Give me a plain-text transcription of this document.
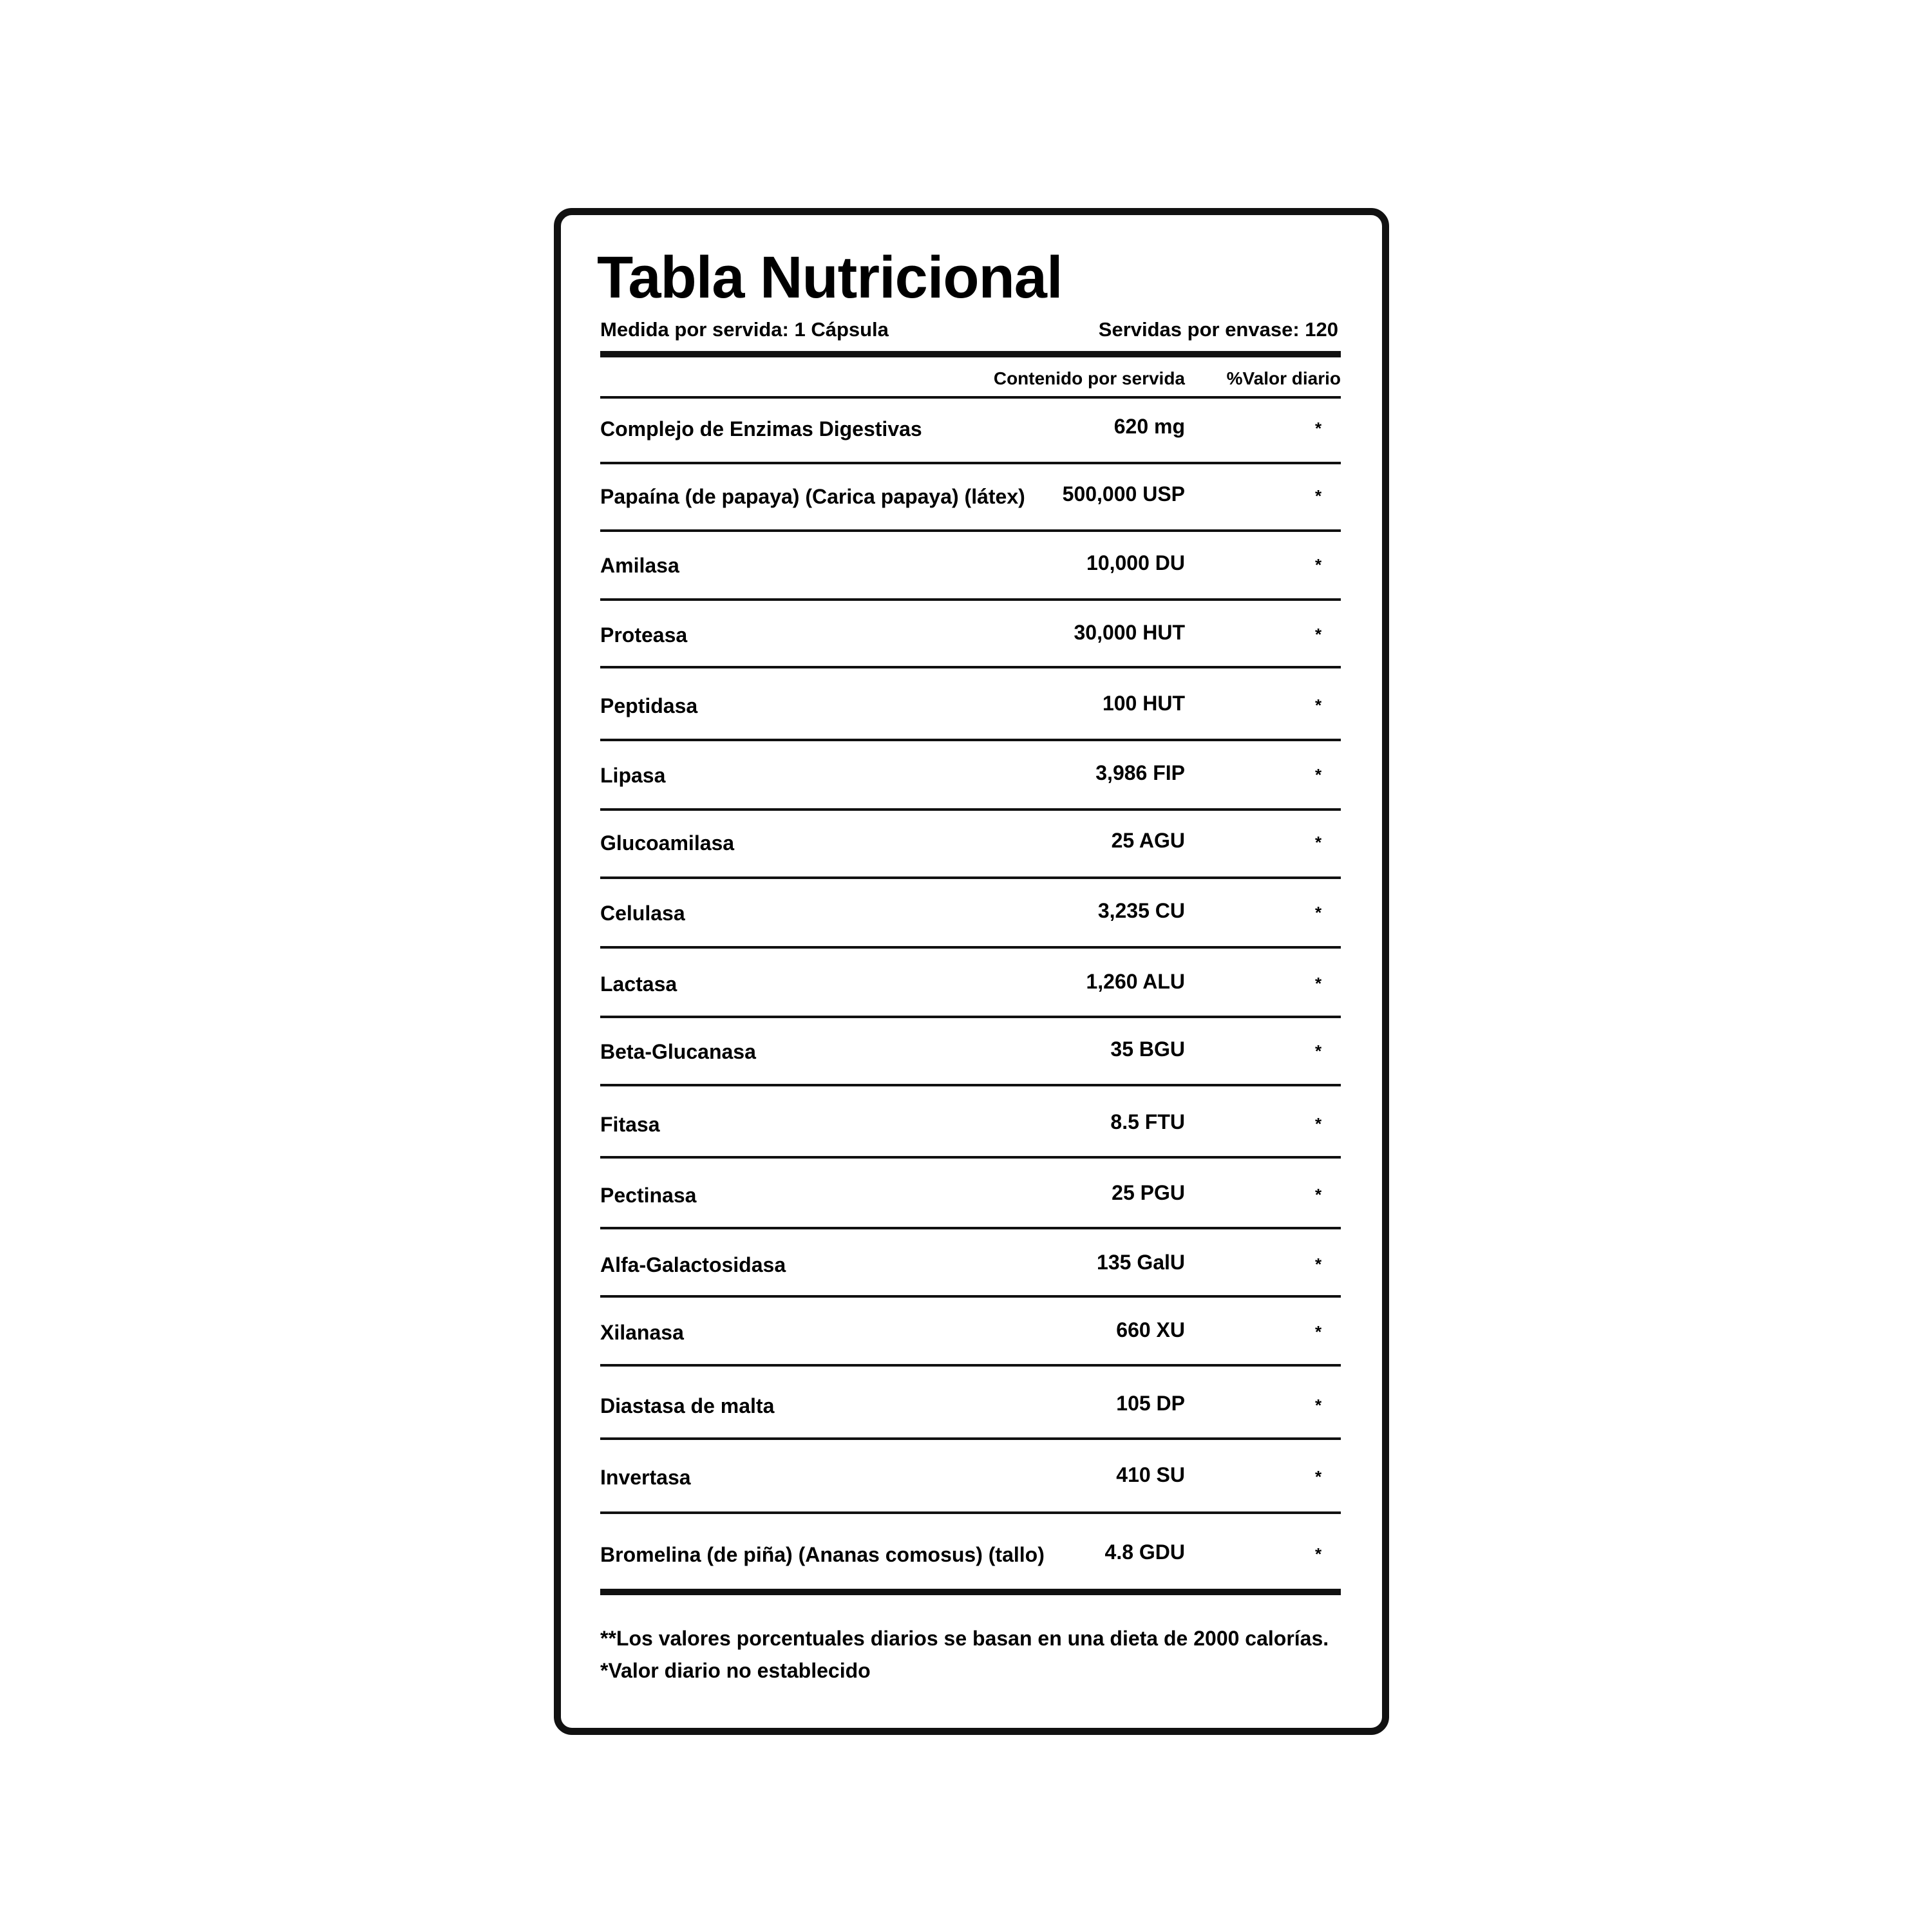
Tabla Nutricional
Medida por servida: 1 Cápsula	Servidas por envase: 120
Contenido por servida %Valor diario
Complejo de Enzimas Digestivas	620 mg	*
Papaína (de papaya) (Carica papaya) (látex) 500,000 USP	*
Amilasa	10,000 DU	*
Proteasa	30,000 HUT	*
Peptidasa	100 HUT	*
Lipasa	3,986 FIP	*
Glucoamilasa	25 AGU	*
Celulasa	3,235 CU	*
Lactasa	1,260 ALU	*
Beta-Glucanasa	35 BGU	*
Fitasa	8.5 FTU	*
Pectinasa	25 PGU	*
Alfa-Galactosidasa	135 GalU	*
Xilanasa	660 XU	*
Diastasa de malta	105 DP	*
Invertasa	410 SU	*
Bromelina (de piña) (Ananas comosus) (tallo)	4.8 GDU	*
**Los valores porcentuales diarios se basan en una dieta de 2000 calorías.
*Valor diario no establecido
